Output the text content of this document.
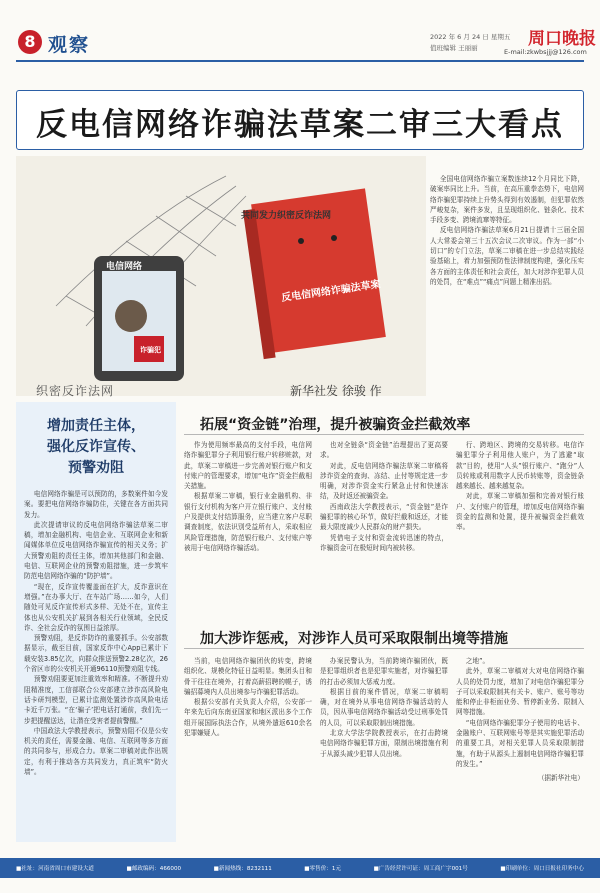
8 观察	2022 年 6 月 24 日 星期五
值班编辑 王丽丽	周口晚报
E-mail:zkwbsjjj@126.com
反电信网络诈骗法草案二审三大看点
电信网络
诈骗犯
反电信网络诈骗法草案
共同发力织密反诈法网
织密反诈法网	新华社发 徐骏 作

全国电信网络诈骗立案数连续12个月同比下降，破案率同比上升。当前，在高压重拳态势下，电信网络诈骗犯罪持续上升势头得到有效遏制，但犯罪依然严峻复杂，案件多发，且呈现组织化、链条化、技术手段多变、跨境流窜等特征。

反电信网络诈骗法草案6月21日提请十三届全国人大常委会第三十五次会议二次审议。作为一部“小切口”的专门立法，草案二审稿在进一步总结实践经验基础上，着力加强预防性法律制度构建，强化压实各方面的主体责任和社会责任，加大对涉诈犯罪人员的处罚，在“难点”“痛点”问题上精准出招。

增加责任主体，
强化反诈宣传、
预警劝阻

电信网络诈骗是可以预防的，多数案件如今发案。要把电信网络诈骗防住，关键在各方面共同发力。

此次提请审议的反电信网络诈骗法草案二审稿，增加金融机构、电信企业、互联网企业和新闻媒体单位反电信网络诈骗宣传的相关义务；扩大预警劝阻的责任主体，增加其他部门和金融、电信、互联网企业的预警劝阻措施，进一步筑牢防范电信网络诈骗的“防护墙”。

“现在，反诈宣传覆盖面在扩大，反诈意识在增强。”在办事大厅、在车站广场……如今，人们随处可见反诈宣传形式多样、无处不在，宣传主体也从公安机关扩展到各相关行业领域，全民反诈、全社会反诈的氛围日益浓厚。

预警劝阻，是反诈防诈的重要抓手。公安部数据显示，截至目前，国家反诈中心App已累计下载安装3.85亿次，向群众推送预警2.28亿次，26个省区市的公安机关开通96110预警劝阻专线。

预警劝阻要更加注重效率和精准。不断提升劝阻精准度，工信部联合公安部建立涉诈高风险电话卡研判模型，已累计监测处置涉诈高风险电话卡近千万张。“在‘骗子’把电话打通前，我们先一步把提醒送达，让潜在受害者提前警醒。”

中国政法大学教授表示，预警劝阻不仅是公安机关的责任，需要金融、电信、互联网等多方面的共同参与，形成合力。草案二审稿对此作出规定，有利于推动各方共同发力，真正筑牢“防火墙”。

拓展“资金链”治理，提升被骗资金拦截效率

作为使用频率最高的支付手段，电信网络诈骗犯罪分子利用银行账户转移赃款，对此，草案二审稿进一步完善对银行账户和支付账户的管理要求，增加“电诈”资金拦截相关措施。

根据草案二审稿，银行业金融机构、非银行支付机构为客户开立银行账户、支付账户及提供支付结算服务，应当建立客户尽职调查制度，依法识别受益所有人，采取相应风险管理措施，防范银行账户、支付账户等被用于电信网络诈骗活动。

也对全链条“资金链”治理提出了更高要求。

对此，反电信网络诈骗法草案二审稿将涉诈资金的查询、冻结、止付等规定进一步明确，对涉诈资金实行紧急止付和快速冻结，及时返还被骗资金。

西南政法大学教授表示，“资金链”是诈骗犯罪的核心环节，做好拦截和返还，才能最大限度减少人民群众的财产损失。

凭借电子支付和资金流转迅速的特点，诈骗资金可在极短时间内被转移。

行、跨地区、跨境的交易转移。电信诈骗犯罪分子利用他人账户，为了逃避“取款”目的，使用“人头”银行账户、“跑分”人员转账或利用数字人民币转账等，资金链条越来越长、越来越复杂。

对此，草案二审稿加强和完善对银行账户、支付账户的管理，增加反电信网络诈骗资金的监测和处置，提升被骗资金拦截效率。

加大涉诈惩戒，对涉诈人员可采取限制出境等措施

当前，电信网络诈骗团伙的转变，跨境组织化、规模化特征日益明显。集团头目和骨干往往在境外，打着高薪招聘的幌子，诱骗招募境内人员出境参与诈骗犯罪活动。

根据公安部有关负责人介绍，公安部一年来先后向东南亚国家和地区派出多个工作组开展国际执法合作，从境外遣返610余名犯罪嫌疑人。

办案民警认为，当前跨境诈骗团伙，既是犯罪组织者也是犯罪实施者，对诈骗犯罪的打击必须加大惩戒力度。

根据目前的案件情况，草案二审稿明确，对在境外从事电信网络诈骗活动的人员，因从事电信网络诈骗活动受过刑事处罚的人员，可以采取限制出境措施。

北京大学法学院教授表示，在打击跨境电信网络诈骗犯罪方面，限制出境措施有利于从源头减少犯罪人员出境。

之地”。

此外，草案二审稿对大对电信网络诈骗人员的处罚力度，增加了对电信诈骗犯罪分子可以采取限制其有关卡、账户、账号等功能和停止非柜面业务、暂停新业务、限制入网等措施。

“电信网络诈骗犯罪分子使用的电话卡、金融账户、互联网账号等是其实施犯罪活动的重要工具，对相关犯罪人员采取限制措施，有助于从源头上遏制电信网络诈骗犯罪的发生。”

（据新华社电）
■社址：河南省周口市建设大道	■邮政编码：466000	■新闻热线：8232111	■零售价：1元	■广告经营许可证：周工商广字001号	■印刷单位：周口日报社印务中心
